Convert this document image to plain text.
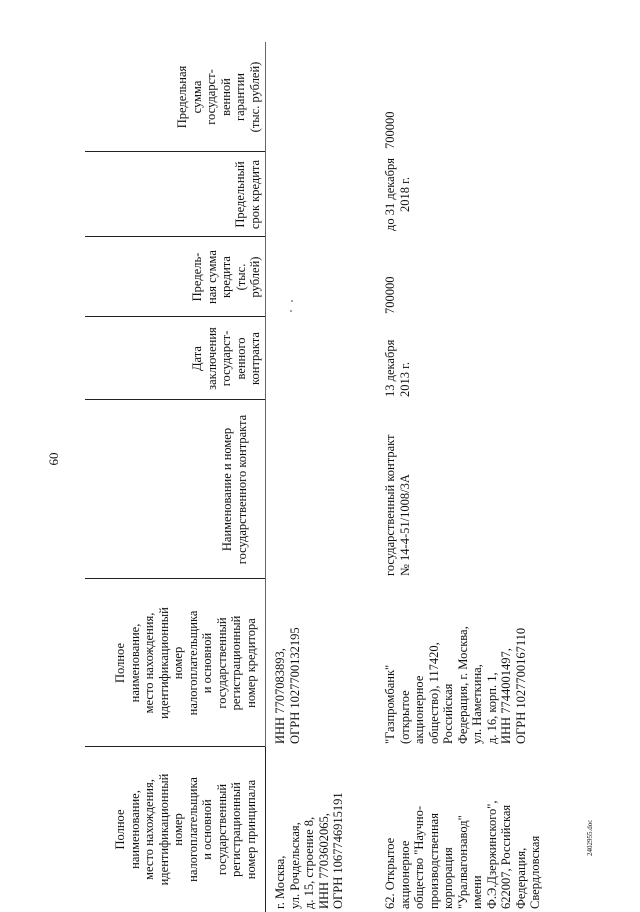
60
2402955.doc
Полное
наименование,
место нахождения,
идентификационный
номер
налогоплательщика
и основной
государственный
регистрационный
номер принципала
Полное
наименование,
место нахождения,
идентификационный
номер
налогоплательщика
и основной
государственный
регистрационный
номер кредитора
Наименование и номер
государственного контракта
Дата
заключения
государст-
венного
контракта
Предель-
ная сумма
кредита
(тыс.
рублей)
Предельный
срок кредита
Предельная
сумма
государст-
венной
гарантии
(тыс. рублей)
г. Москва,
ул. Рочдельская,
д. 15, строение 8,
ИНН 7703602065,
ОГРН 1067746915191
ИНН 7707083893,
ОГРН 1027700132195
62. Открытое
акционерное
общество "Научно-
производственная
корпорация
"Уралвагонзавод"
имени
Ф.Э.Дзержинского",
622007, Российская
Федерация,
Свердловская
"Газпромбанк"
(открытое
акционерное
общество), 117420,
Российская
Федерация, г. Москва,
ул. Наметкина,
д. 16, корп. 1,
ИНН 7744001497,
ОГРН 1027700167110
государственный контракт
№ 14-4-51/1008/3А
13 декабря
2013 г.
700000
до 31 декабря
2018 г.
700000
